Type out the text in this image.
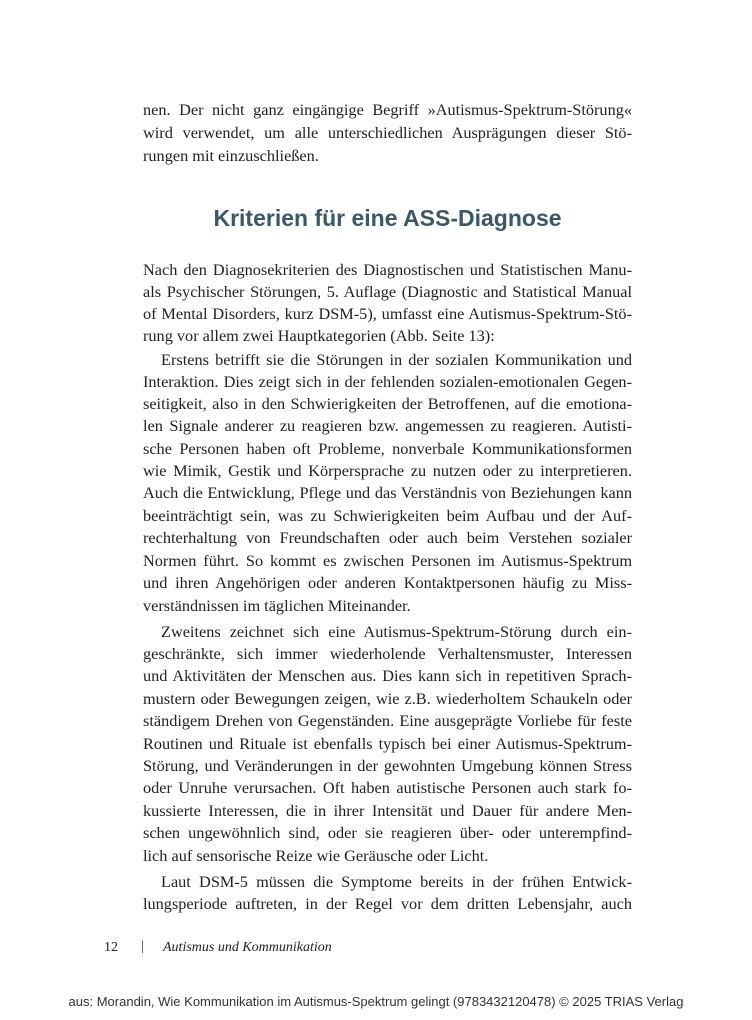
nen. Der nicht ganz eingängige Begriff »Autismus-Spektrum-Störung«
wird verwendet, um alle unterschiedlichen Ausprägungen dieser Stö-
rungen mit einzuschließen.
Kriterien für eine ASS-Diagnose
Nach den Diagnosekriterien des Diagnostischen und Statistischen Manu-
als Psychischer Störungen, 5. Auflage (Diagnostic and Statistical Manual
of Mental Disorders, kurz DSM-5), umfasst eine Autismus-Spektrum-Stö-
rung vor allem zwei Hauptkategorien (Abb. Seite 13):
Erstens betrifft sie die Störungen in der sozialen Kommunikation und
Interaktion. Dies zeigt sich in der fehlenden sozialen-emotionalen Gegen-
seitigkeit, also in den Schwierigkeiten der Betroffenen, auf die emotiona-
len Signale anderer zu reagieren bzw. angemessen zu reagieren. Autisti-
sche Personen haben oft Probleme, nonverbale Kommunikationsformen
wie Mimik, Gestik und Körpersprache zu nutzen oder zu interpretieren.
Auch die Entwicklung, Pflege und das Verständnis von Beziehungen kann
beeinträchtigt sein, was zu Schwierigkeiten beim Aufbau und der Auf-
rechterhaltung von Freundschaften oder auch beim Verstehen sozialer
Normen führt. So kommt es zwischen Personen im Autismus-Spektrum
und ihren Angehörigen oder anderen Kontaktpersonen häufig zu Miss-
verständnissen im täglichen Miteinander.
Zweitens zeichnet sich eine Autismus-Spektrum-Störung durch ein-
geschränkte, sich immer wiederholende Verhaltensmuster, Interessen
und Aktivitäten der Menschen aus. Dies kann sich in repetitiven Sprach-
mustern oder Bewegungen zeigen, wie z.B. wiederholtem Schaukeln oder
ständigem Drehen von Gegenständen. Eine ausgeprägte Vorliebe für feste
Routinen und Rituale ist ebenfalls typisch bei einer Autismus-Spektrum-
Störung, und Veränderungen in der gewohnten Umgebung können Stress
oder Unruhe verursachen. Oft haben autistische Personen auch stark fo-
kussierte Interessen, die in ihrer Intensität und Dauer für andere Men-
schen ungewöhnlich sind, oder sie reagieren über- oder unterempfind-
lich auf sensorische Reize wie Geräusche oder Licht.
Laut DSM-5 müssen die Symptome bereits in der frühen Entwick-
lungsperiode auftreten, in der Regel vor dem dritten Lebensjahr, auch
12 | Autismus und Kommunikation
aus: Morandin, Wie Kommunikation im Autismus-Spektrum gelingt (9783432120478) © 2025 TRIAS Verlag
